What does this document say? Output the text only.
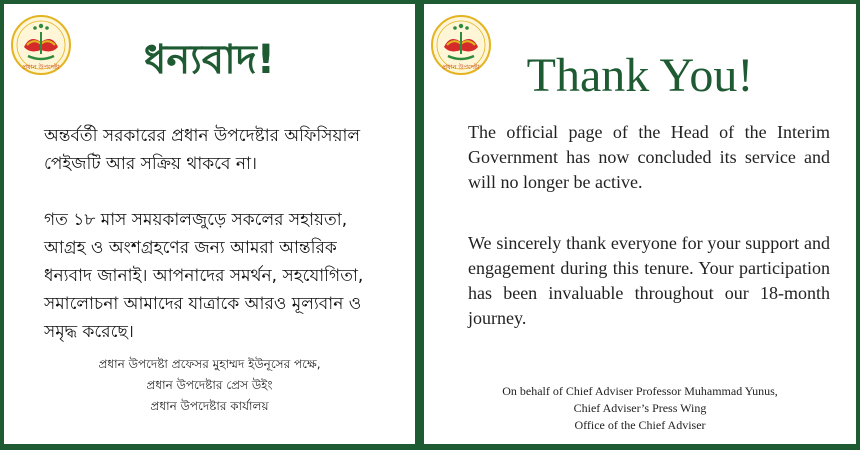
প্রধান উপদেষ্টা	ধন্যবাদ!
অন্তর্বর্তী সরকারের প্রধান উপদেষ্টার অফিসিয়াল পেইজটি আর সক্রিয় থাকবে না।
গত ১৮ মাস সময়কালজুড়ে সকলের সহায়তা, আগ্রহ ও অংশগ্রহণের জন্য আমরা আন্তরিক ধন্যবাদ জানাই। আপনাদের সমর্থন, সহযোগিতা, সমালোচনা আমাদের যাত্রাকে আরও মূল্যবান ও সমৃদ্ধ করেছে।
প্রধান উপদেষ্টা প্রফেসর মুহাম্মদ ইউনূসের পক্ষে,
প্রধান উপদেষ্টার প্রেস উইং
প্রধান উপদেষ্টার কার্যালয়
প্রধান উপদেষ্টা Thank You!
The official page of the Head of the Interim Government has now concluded its service and will no longer be active.
We sincerely thank everyone for your support and engagement during this tenure. Your participation has been invaluable throughout our 18-month journey.
On behalf of Chief Adviser Professor Muhammad Yunus,
Chief Adviser’s Press Wing
Office of the Chief Adviser
